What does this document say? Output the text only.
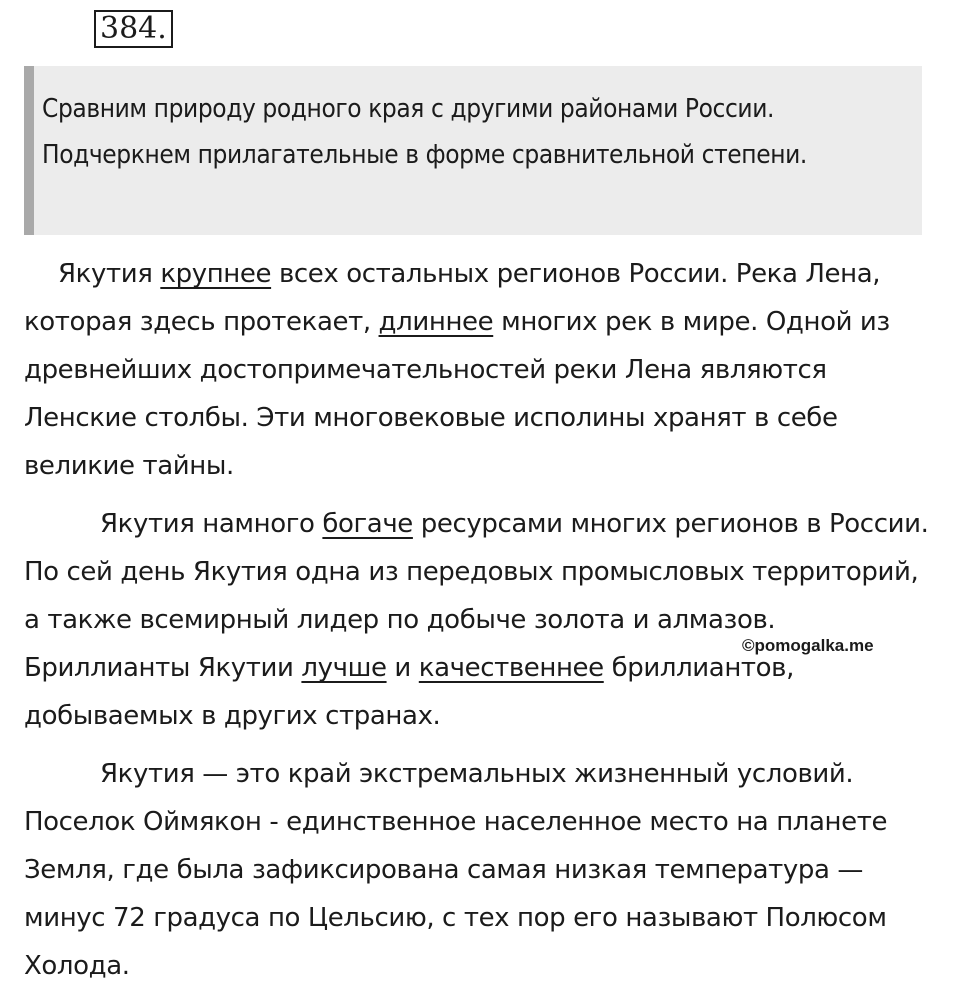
384.

Сравним природу родного края с другими районами России. Подчеркнем прилагательные в форме сравнительной степени.

Якутия крупнее всех остальных регионов России. Река Лена, которая здесь протекает, длиннее многих рек в мире. Одной из древнейших достопримечательностей реки Лена являются Ленские столбы. Эти многовековые исполины хранят в себе великие тайны.

Якутия намного богаче ресурсами многих регионов в России. По сей день Якутия одна из передовых промысловых территорий, а также всемирный лидер по добыче золота и алмазов. Бриллианты Якутии лучше и качественнее бриллиантов, добываемых в других странах.

Якутия — это край экстремальных жизненный условий. Поселок Оймякон - единственное населенное место на планете Земля, где была зафиксирована самая низкая температура — минус 72 градуса по Цельсию, с тех пор его называют Полюсом Холода.

©pomogalka.me
